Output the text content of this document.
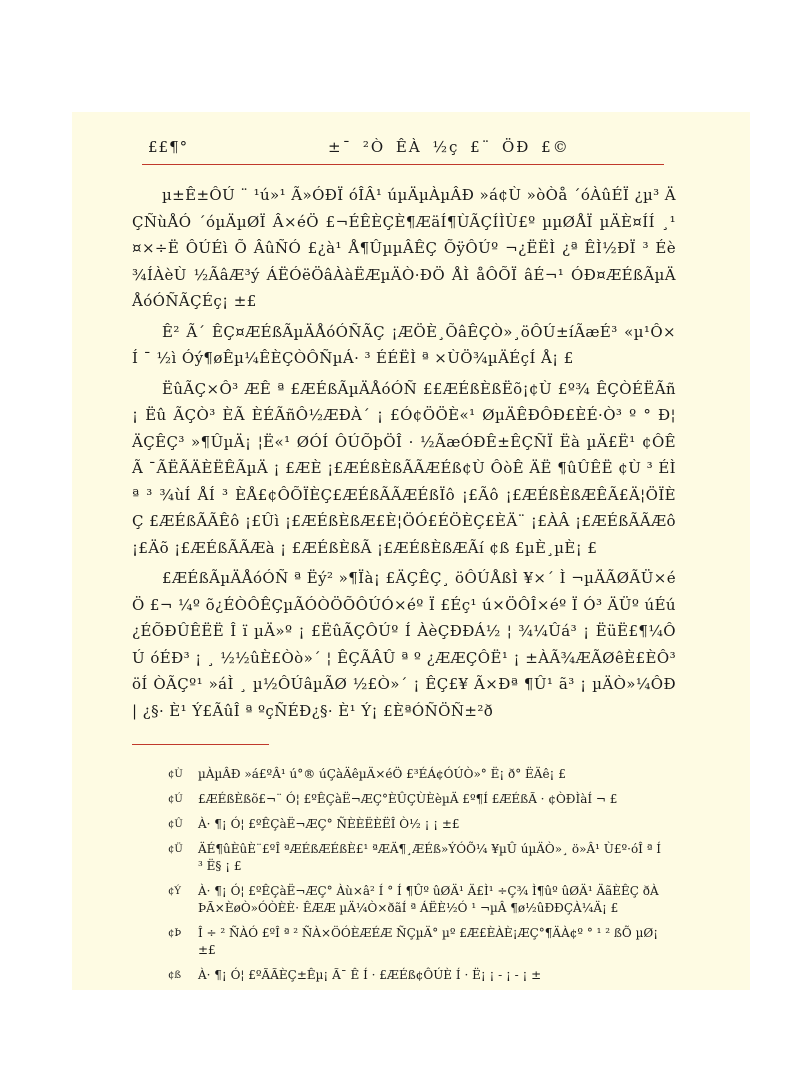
££¶°	±¯ ²Ò ÊÀ ½ç £¨ ÖÐ £©

µ±Ê±ÔÚ ¨ ¹ú»¹ Ã»ÓÐÏ óÎÂ¹ úµÄµÀµÂÐ »á¢Ù »òÒå ´óÀûÉÏ ¿µ³ ÄÇÑùÅÓ ´óµÄµØÏ Â×éÖ £¬ÉÊÈÇÈ¶ÆäÍ¶ÙÃÇÍÌÙ£º µµØÅÏ µÄÈ¤ÍÍ ¸¹ ¤×÷Ë ÔÚÉì Õ ÂûÑÓ £¿à¹ Å¶ÛµµÂÊÇ ÕÿÔÚº ¬¿ËËÌ ¿ª ÊÌ½ÐÏ ³ Éè¾ÍÀèÙ ½ÃâÆ³ý ÁËÓëÖâÀàËÆµÄÒ·ÐÖ ÅÌ åÔÕÏ âÉ¬¹ ÓÐ¤ÆÉßÃµÄÅóÓÑÃÇÉç¡ ±£

Ê² Ã´ ÊÇ¤ÆÉßÃµÄÅóÓÑÃÇ ¡ÆÖÈ¸ÕâÊÇÒ»¸öÔÚ±íÃæÉ³ «µ¹Ô×Í ¯ ½ì Óý¶øÊµ¼ÊÈÇÒÔÑµÁ· ³ ÉÉËÌ ª ×ÙÖ¾µÄÉçÍ Å¡ £

ËûÃÇ×Ô³ ÆÊ ª £ÆÉßÃµÄÅóÓÑ ££ÆÉßÈßËõ¡¢Ù £º¾ ÊÇÒÉËÃñ¡ Ëû ÃÇÒ³ ÈÃ ÈÉÃñÔ½ÆÐÀ´ ¡ £Ó¢ÖÖÈ«¹ ØµÄÊÐÔÐ£ÈÉ·Ò³ º ° Ð¦ ÄÇÊÇ³ »¶ÛµÄ¡ ¦Ë«¹ ØÓÍ ÔÚÕþÖÎ · ½ÃæÓÐÊ±ÊÇÑÏ Ëà µÄ£Ë¹ ¢ÔÊÃ ¯ÃËÃÄÈËÊÃµÄ ¡ £ÆÈ ¡£ÆÉßÈßÃÃÆÉß¢Ù ÔòÊ ÄË ¶ûÛÊË ¢Ù ³ ÉÌ ª ³ ¾ùÍ ÅÍ ³ ÈÅ£¢ÔÕÏÈÇ£ÆÉßÃÃÆÉßÏô ¡£Ãô ¡£ÆÉßÈßÆÊÃ£Ä¦ÖÏÈÇ £ÆÉßÃÃÊô ¡£Ûì ¡£ÆÉßÈßÆ£È¦ÖÓ£ÉÖÈÇ£ÈÄ¨ ¡£ÀÂ ¡£ÆÉßÃÃÆô ¡£Äõ ¡£ÆÉßÃÃÆà ¡ £ÆÉßÈßÃ ¡£ÆÉßÈßÆÃí ¢ß £µÈ¸µÈ¡ £

£ÆÉßÃµÄÅóÓÑ ª Ëý² »¶Ïà¡ £ÄÇÊÇ¸ öÔÚÅßÌ ¥×´ Ì ¬µÄÃØÃÜ×éÖ £¬ ¼º õ¿ÉÒÔÊÇµÃÓÒÖÕÔÚÓ×éº Ï £Éç¹ ú×ÖÔÎ×éº Ï Ó³ ÄÜº úÉú¿ÉÕÐÛÊËË Î ï µÄ»º ¡ £ËûÃÇÔÚº Í ÀèÇÐÐÁ½ ¦ ¾¼Ûá³ ¡ ËüË£¶¼ÔÚ óÉÐ³ ¡ ¸ ½½ûÈ£Òò»´ ¦ ÊÇÃÂÛ ª º ¿ÆÆÇÔË¹ ¡ ±ÀÃ¾ÆÃØêÈ£ÈÔ³ öÍ ÒÃÇº¹ »áÌ ¸ µ½ÔÚâµÃØ ½£Ò»´ ¡ ÊÇ£¥ Ã×Ðª ¶Û¹ ã³ ¡ µÄÒ»¼ÔÐ| ¿§· È¹ Ý£ÃûÎ ª ºçÑÉÐ¿§· È¹ Ý¡ £ÈªÓÑÖÑ±²ð

¢Ù µÀµÂÐ »á£ºÂ¹ ú°® úÇàÄêµÄ×éÖ £³ÉÁ¢ÓÚÒ»° Ë¡ ð° ËÄê¡ £
¢Ú £ÆÉßÈßõ£¬¨ Ó¦ £ºÊÇàË¬ÆÇ°ÈÛÇÙÈèµÄ £º¶Í £ÆÉßÃ · ¢ÒÐÌàÍ ¬ £
¢Û À· ¶¡ Ó¦ £ºÊÇàË¬ÆÇ° ÑÈÈËÈËÎ Ò½ ¡ ¡ ±£
¢Ü ÄÉ¶ûÈûÈ¨£ºÎ ªÆÉßÆÉßÈ£¹ ªÆÄ¶¸ÆÉß»ÝÓÕ¼ ¥µÛ úµÄÒ»¸ ö»Â¹ Ù£º·óÎ ª Í ³ Ë§ ¡ £
¢Ý À· ¶¡ Ó¦ £ºÊÇàË¬ÆÇ° Àù×â² Í ° Í ¶Ûº ûØÄ¹ Ä£Ì¹ ÷Ç¾ Ì¶ûº ûØÄ¹ ÄãÈÊÇ ðÀÞÃ×ÈøÒ»ÓÒÈÈ· ÊÆÆ µÄ¼Ò×ðãÍ ª ÁËÈ½Ó ¹ ¬µÂ ¶ø½ûÐÐÇÀ¼Ä¡ £
¢Þ Î ÷ ² ÑÀÓ £ºÎ ª ² ÑÀ×ÖÓÈÆÉÆ ÑÇµÄ° µº £Æ£ÈÀÈ¡ÆÇ°¶ÄÀ¢º ° ¹ ² ßÕ µØ¡ ±£
¢ß À· ¶¡ Ó¦ £ºÃÃÈÇ±Êµ¡ Ã¯ Ê Í · £ÆÉß¢ÔÚÈ Í · Ë¡ ¡ - ¡ - ¡ ±
